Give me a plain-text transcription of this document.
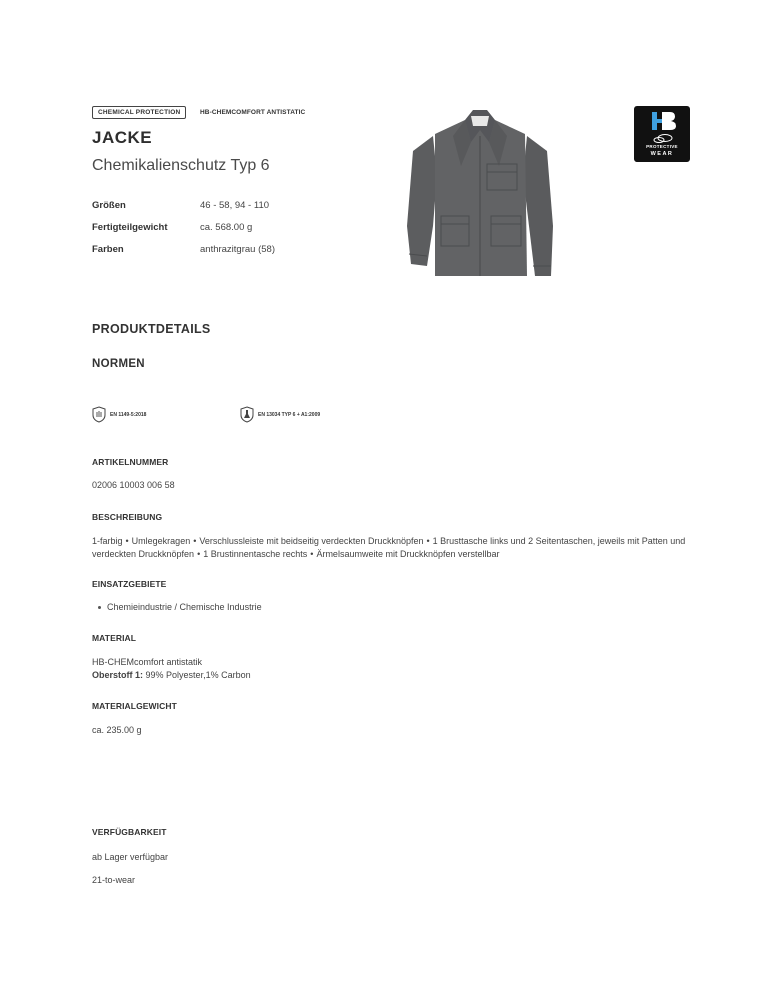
CHEMICAL PROTECTION	HB-CHEMCOMFORT ANTISTATIC
JACKE
Chemikalienschutz Typ 6
Größen	46 - 58, 94 - 110
Fertigteilgewicht	ca. 568.00 g
Farben	anthrazitgrau (58)
PROTECTIVE
WEAR
PRODUKTDETAILS
NORMEN
EN 1149-5:2018	EN 13034 TYP 6 + A1:2009
ARTIKELNUMMER
02006 10003 006 58
BESCHREIBUNG
1-farbig • Umlegekragen • Verschlussleiste mit beidseitig verdeckten Druckknöpfen • 1 Brusttasche links und 2 Seitentaschen, jeweils mit Patten und verdeckten Druckknöpfen • 1 Brustinnentasche rechts • Ärmelsaumweite mit Druckknöpfen verstellbar
EINSATZGEBIETE
Chemieindustrie / Chemische Industrie
MATERIAL
HB-CHEMcomfort antistatik
Oberstoff 1: 99% Polyester,1% Carbon
MATERIALGEWICHT
ca. 235.00 g
VERFÜGBARKEIT
ab Lager verfügbar
21-to-wear
